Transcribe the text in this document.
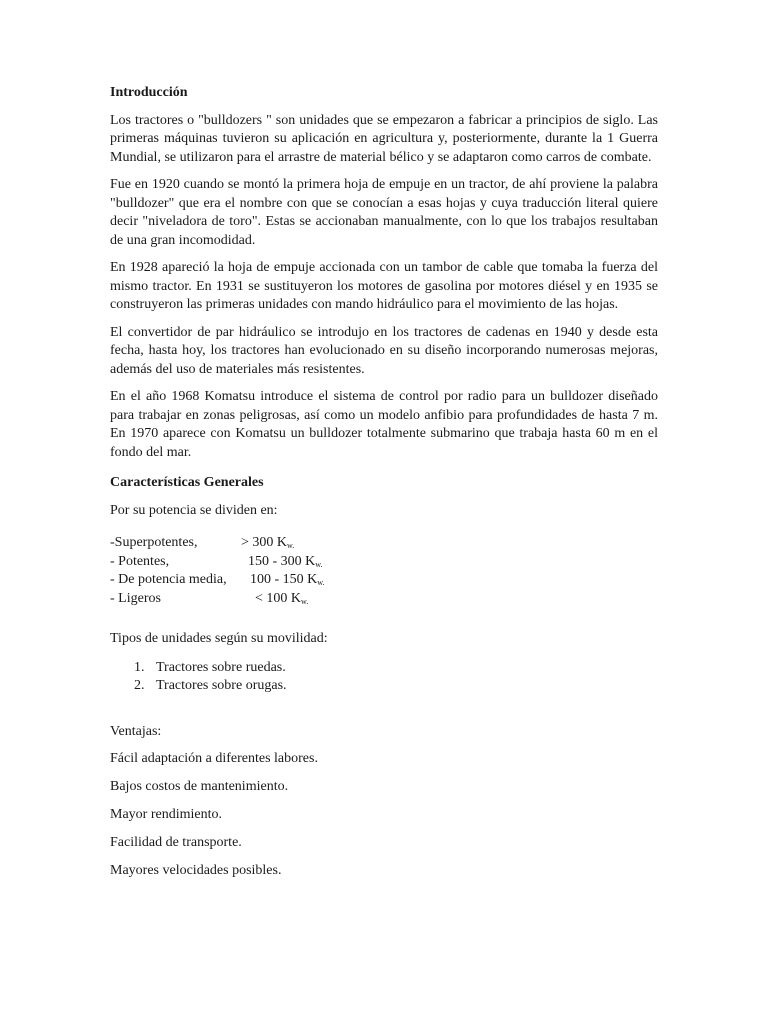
Introducción

Los tractores o "bulldozers " son unidades que se empezaron a fabricar a principios de siglo. Las primeras máquinas tuvieron su aplicación en agricultura y, posteriormente, durante la 1 Guerra Mundial, se utilizaron para el arrastre de material bélico y se adaptaron como carros de combate.

Fue en 1920 cuando se montó la primera hoja de empuje en un tractor, de ahí proviene la palabra "bulldozer" que era el nombre con que se conocían a esas hojas y cuya traducción literal quiere decir "niveladora de toro". Estas se accionaban manualmente, con lo que los trabajos resultaban de una gran incomodidad.

En 1928 apareció la hoja de empuje accionada con un tambor de cable que tomaba la fuerza del mismo tractor. En 1931 se sustituyeron los motores de gasolina por motores diésel y en 1935 se construyeron las primeras unidades con mando hidráulico para el movimiento de las hojas.

El convertidor de par hidráulico se introdujo en los tractores de cadenas en 1940 y desde esta fecha, hasta hoy, los tractores han evolucionado en su diseño incorporando numerosas mejoras, además del uso de materiales más resistentes.

En el año 1968 Komatsu introduce el sistema de control por radio para un bulldozer diseñado para trabajar en zonas peligrosas, así como un modelo anfibio para profundidades de hasta 7 m. En 1970 aparece con Komatsu un bulldozer totalmente submarino que trabaja hasta 60 m en el fondo del mar.

Características Generales
Por su potencia se dividen en:
-Superpotentes,	> 300 $K_{w.}$
- Potentes,	150 - 300 $K_{w.}$
- De potencia media, 100 - 150 $K_{w.}$
- Ligeros	< 100 $K_{w.}$
Tipos de unidades según su movilidad:
1. Tractores sobre ruedas.
2. Tractores sobre orugas.
Ventajas:
Fácil adaptación a diferentes labores.
Bajos costos de mantenimiento.
Mayor rendimiento.
Facilidad de transporte.
Mayores velocidades posibles.
